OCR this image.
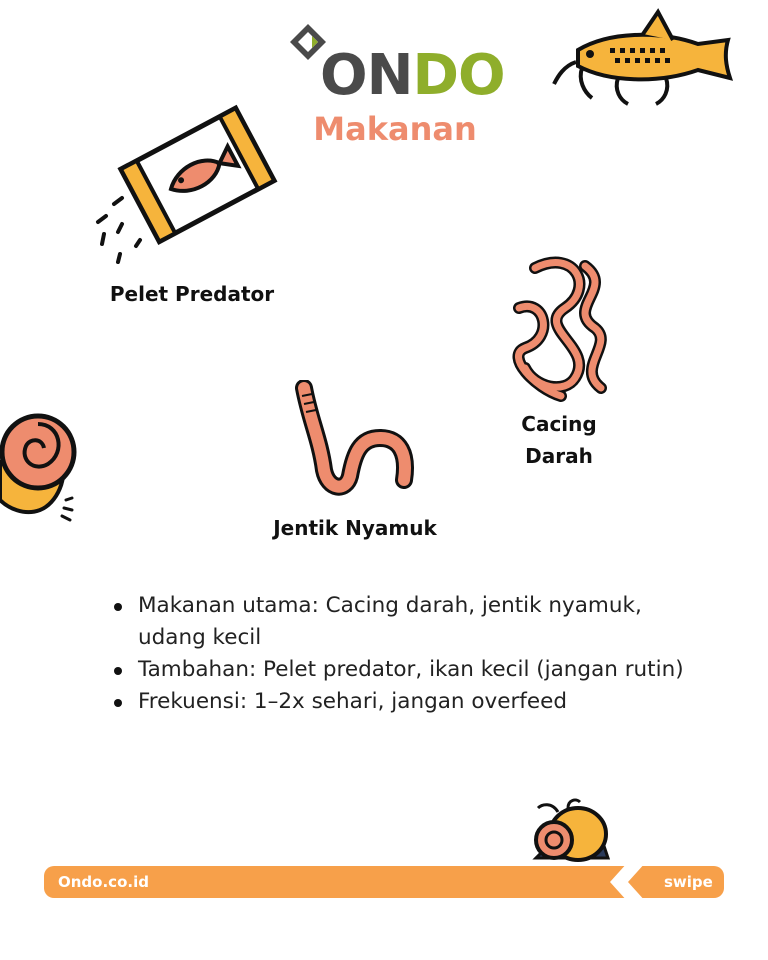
ONDO
Makanan
Pelet Predator
Cacing
Darah
Jentik Nyamuk
Makanan utama: Cacing darah, jentik nyamuk, udang kecil
Tambahan: Pelet predator, ikan kecil (jangan rutin)
Frekuensi: 1–2x sehari, jangan overfeed
Ondo.co.id	swipe
